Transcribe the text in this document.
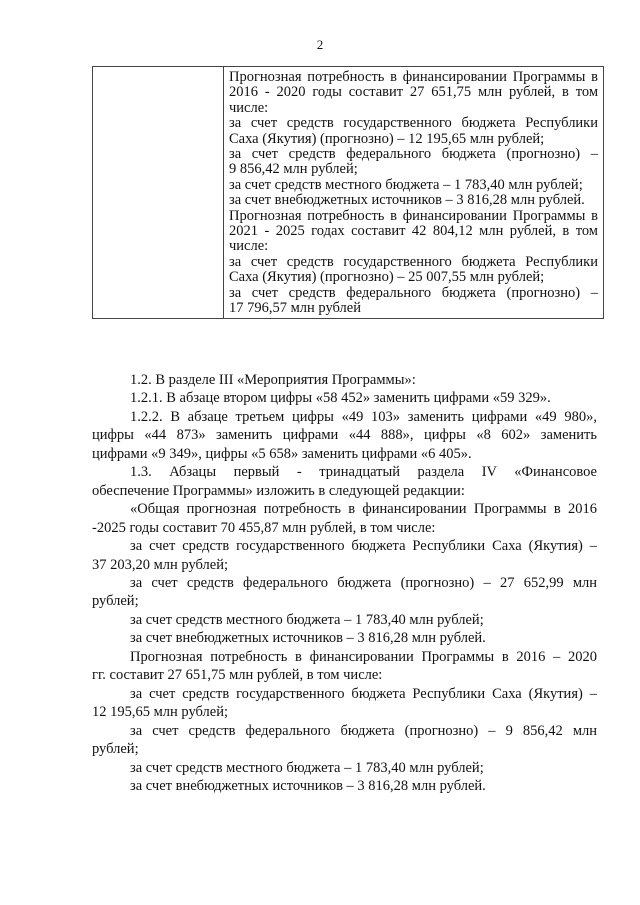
2

Прогнозная потребность в финансировании Программы в
2016 - 2020 годы составит 27 651,75 млн рублей, в том
числе:
за счет средств государственного бюджета Республики
Саха (Якутия) (прогнозно) – 12 195,65 млн рублей;
за счет средств федерального бюджета (прогнозно) –
9 856,42 млн рублей;
за счет средств местного бюджета – 1 783,40 млн рублей;
за счет внебюджетных источников – 3 816,28 млн рублей.
Прогнозная потребность в финансировании Программы в
2021 - 2025 годах составит 42 804,12 млн рублей, в том
числе:
за счет средств государственного бюджета Республики
Саха (Якутия) (прогнозно) – 25 007,55 млн рублей;
за счет средств федерального бюджета (прогнозно) –
17 796,57 млн рублей
1.2. В разделе III «Мероприятия Программы»:
1.2.1. В абзаце втором цифры «58 452» заменить цифрами «59 329».
1.2.2. В абзаце третьем цифры «49 103» заменить цифрами «49 980»,
цифры «44 873» заменить цифрами «44 888», цифры «8 602» заменить
цифрами «9 349», цифры «5 658» заменить цифрами «6 405».
1.3. Абзацы первый - тринадцатый раздела IV «Финансовое
обеспечение Программы» изложить в следующей редакции:
«Общая прогнозная потребность в финансировании Программы в 2016
-2025 годы составит 70 455,87 млн рублей, в том числе:
за счет средств государственного бюджета Республики Саха (Якутия) –
37 203,20 млн рублей;
за счет средств федерального бюджета (прогнозно) – 27 652,99 млн
рублей;
за счет средств местного бюджета – 1 783,40 млн рублей;
за счет внебюджетных источников – 3 816,28 млн рублей.
Прогнозная потребность в финансировании Программы в 2016 – 2020
гг. составит 27 651,75 млн рублей, в том числе:
за счет средств государственного бюджета Республики Саха (Якутия) –
12 195,65 млн рублей;
за счет средств федерального бюджета (прогнозно) – 9 856,42 млн
рублей;
за счет средств местного бюджета – 1 783,40 млн рублей;
за счет внебюджетных источников – 3 816,28 млн рублей.
